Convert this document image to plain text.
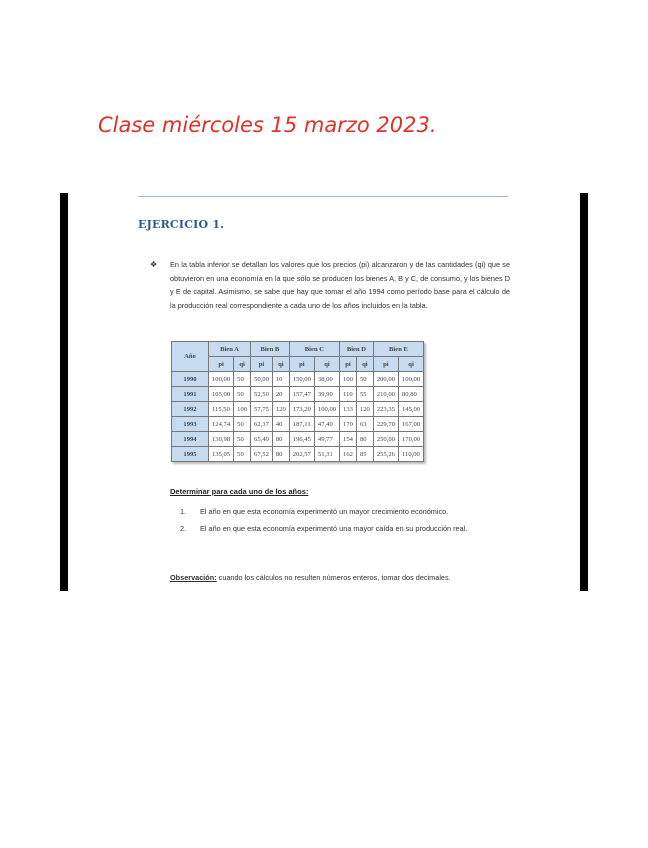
Clase miércoles 15 marzo 2023.
EJERCICIO 1.
❖	En la tabla inferior se detallan los valores que los precios (pi) alcanzaron y de las cantidades (qi) que se obtuvieron en una economía en la que sólo se producen los bienes A, B y C, de consumo, y los bienes D y E de capital. Asimismo, se sabe que hay que tomar el año 1994 como período base para el cálculo de la producción real correspondiente a cada uno de los años incluidos en la tabla.
Año	Bien A		Bien B		Bien C		Bien D		Bien E	
	pi	qi	pi	qi	pi	qi	pi	qi	pi	qi
1990	100,00	50	50,00	10	150,00	38,00	100	50	200,00	100,00
1991	105,00	50	52,50	20	157,47	39,90	110	55	210,00	80,80
1992	115,50	100	57,75	120	173,20	100,00	133	120	223,35	145,00
1993	124,74	50	62,37	40	187,11	47,40	170	63	229,70	167,00
1994	130,98	50	65,49	80	196,45	49,77	154	80	250,00	170,00
1995	135,05	50	67,52	80	202,57	51,31	162	85	255,26	110,00
Determinar para cada uno de los años:
1.	El año en que esta economía experimentó un mayor crecimiento económico.
2.	El año en que esta economía experimentó una mayor caída en su producción real.
Observación: cuando los cálculos no resulten números enteros, tomar dos decimales.
